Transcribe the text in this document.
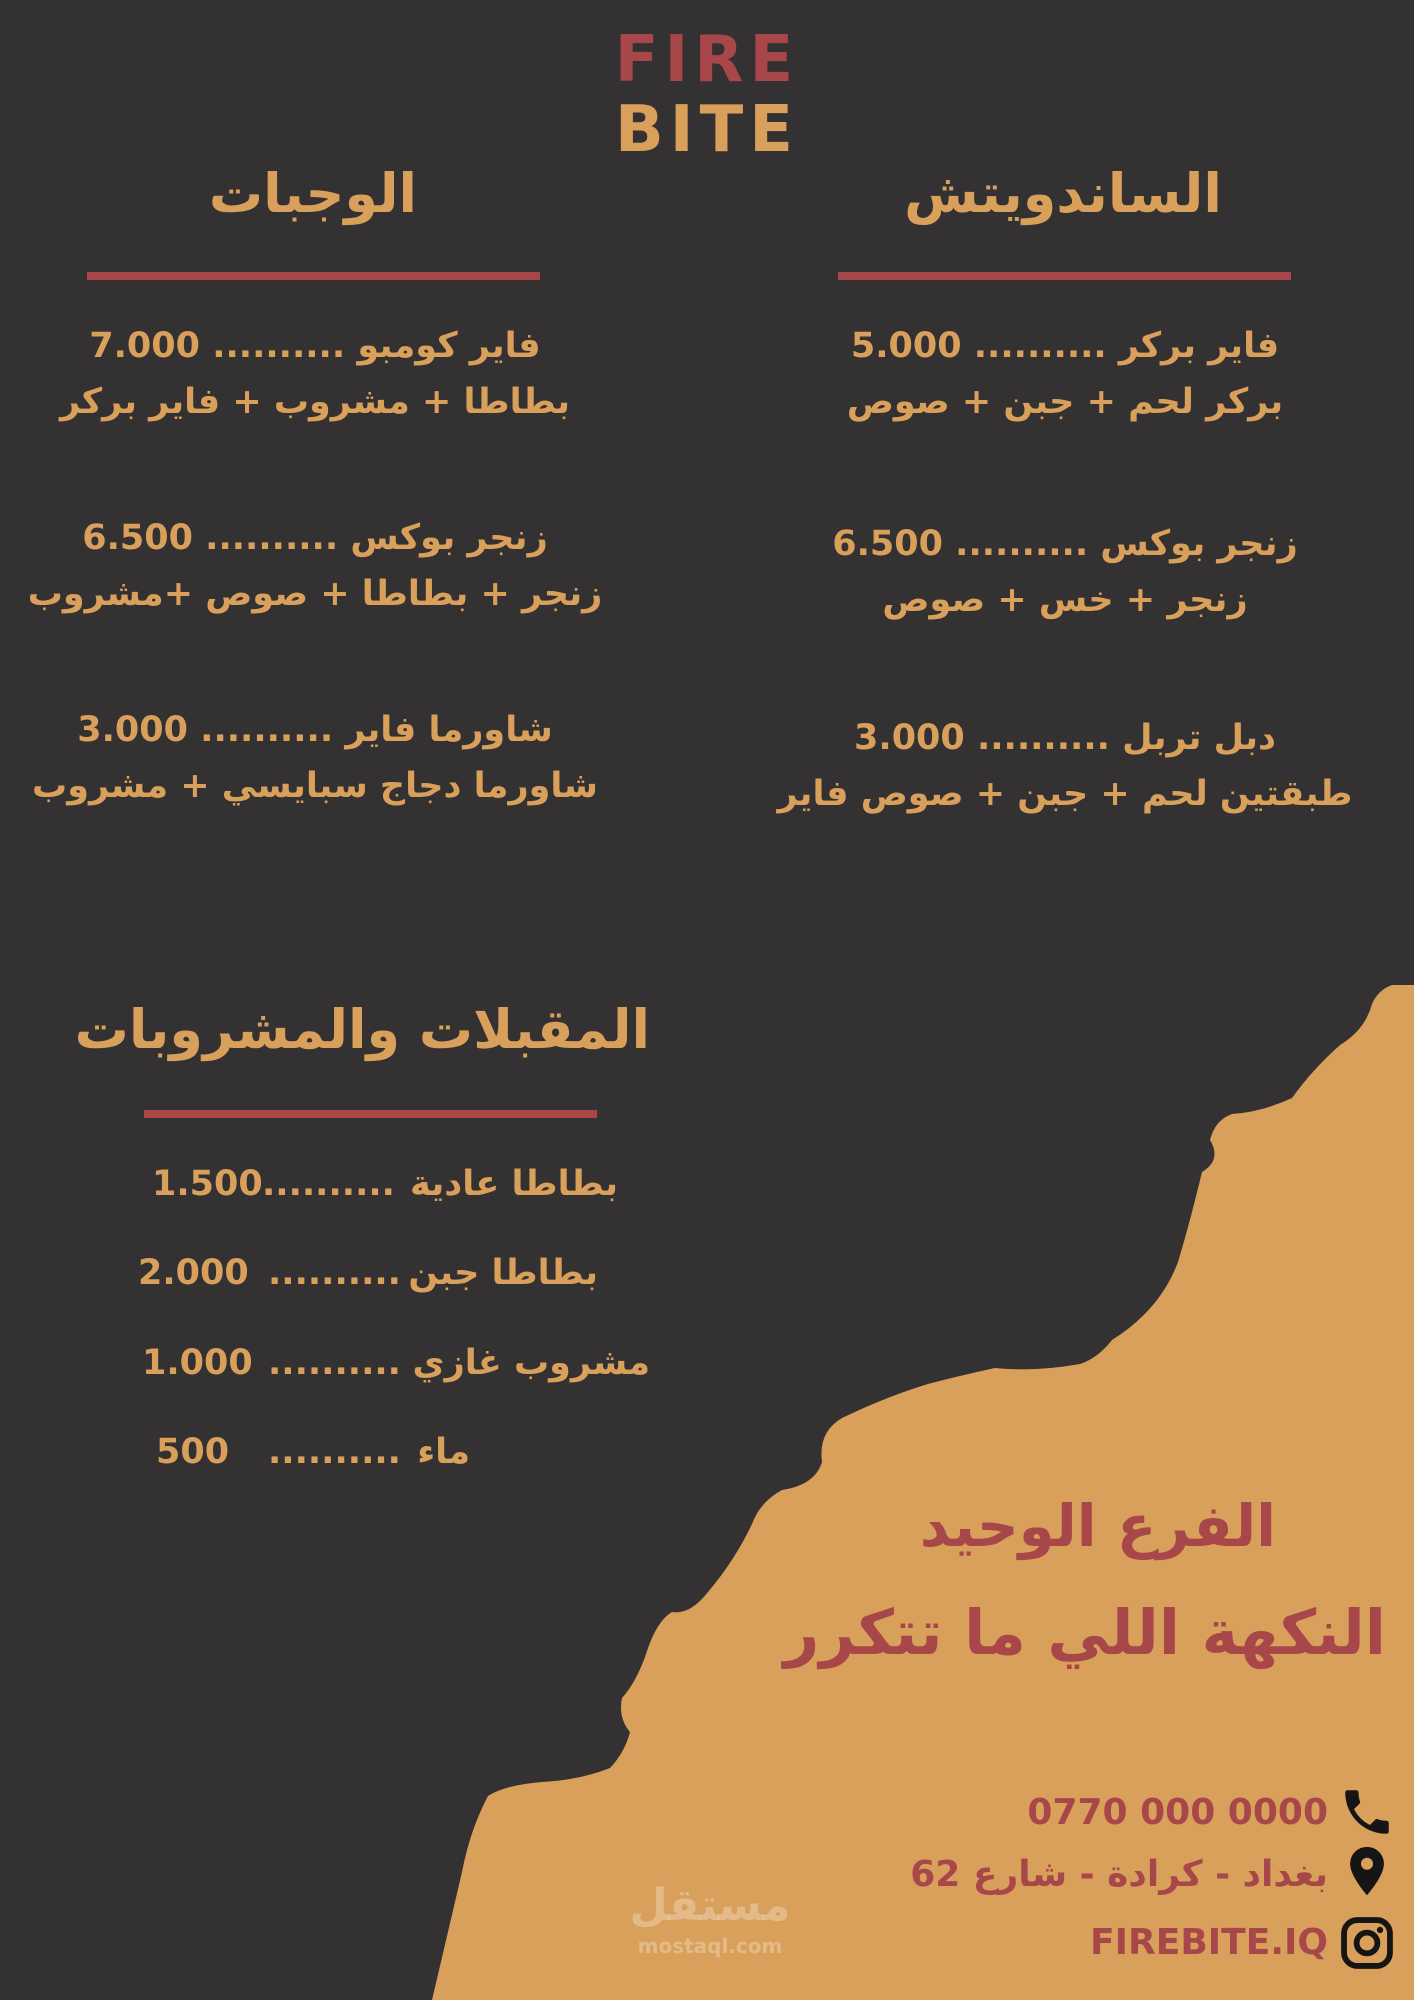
FIRE
BITE
الساندويتش
فاير بركر .......... 5.000
بركر لحم + جبن + صوص
زنجر بوكس .......... 6.500
زنجر + خس + صوص
دبل تربل .......... 3.000
طبقتين لحم + جبن + صوص فاير
الوجبات
فاير كومبو .......... 7.000
بطاطا + مشروب + فاير بركر
زنجر بوكس .......... 6.500
زنجر + بطاطا + صوص +مشروب
شاورما فاير .......... 3.000
شاورما دجاج سبايسي + مشروب
المقبلات والمشروبات
1.500 .......... بطاطا عادية
2.000 .......... بطاطا جبن
1.000 .......... مشروب غازي
500 .......... ماء
الفرع الوحيد
النكهة اللي ما تتكرر
0770 000 0000
بغداد - كرادة - شارع 62
FIREBITE.IQ
مستقل
mostaql.com
